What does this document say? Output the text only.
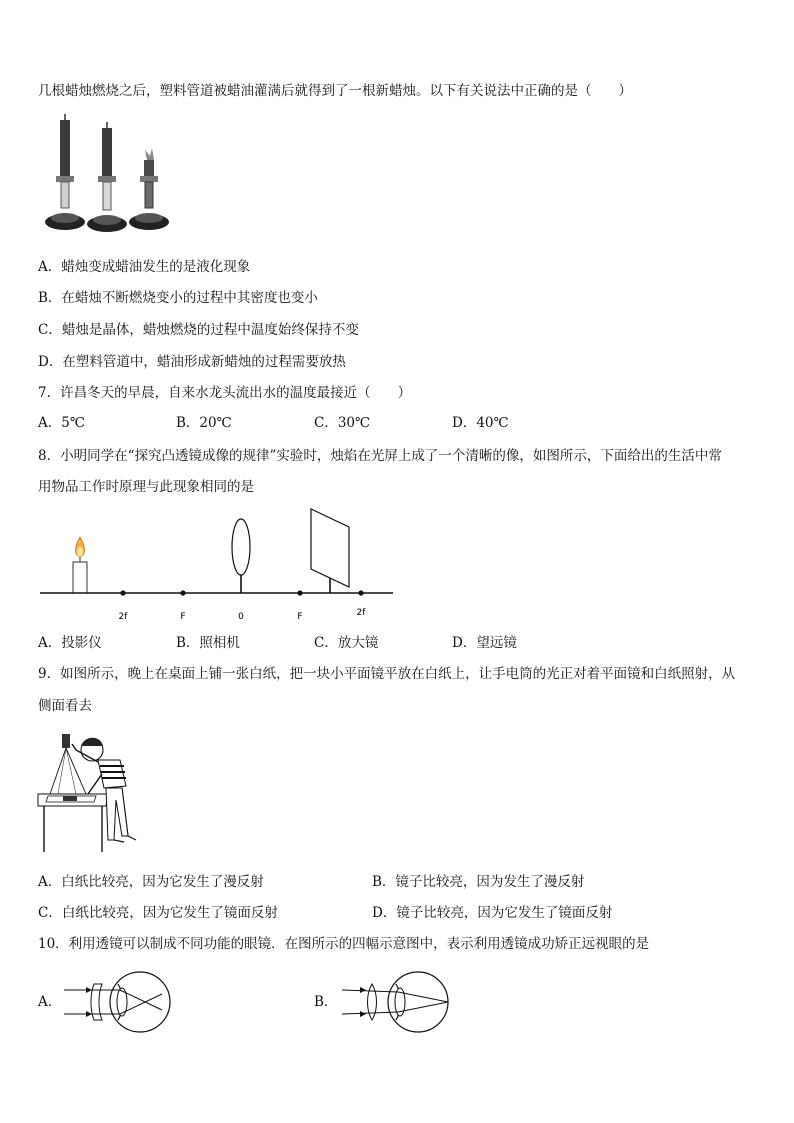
几根蜡烛燃烧之后，塑料管道被蜡油灌满后就得到了一根新蜡烛。以下有关说法中正确的是（　　）
A．蜡烛变成蜡油发生的是液化现象
B．在蜡烛不断燃烧变小的过程中其密度也变小
C．蜡烛是晶体，蜡烛燃烧的过程中温度始终保持不变
D．在塑料管道中，蜡油形成新蜡烛的过程需要放热
7．许昌冬天的早晨，自来水龙头流出水的温度最接近（　　）
A．5℃	B．20℃	C．30℃	D．40℃
8．小明同学在“探究凸透镜成像的规律”实验时，烛焰在光屏上成了一个清晰的像，如图所示，下面给出的生活中常
用物品工作时原理与此现象相同的是
2f	F	0	F	2f
A．投影仪	B．照相机	C．放大镜	D．望远镜
9．如图所示，晚上在桌面上铺一张白纸，把一块小平面镜平放在白纸上，让手电筒的光正对着平面镜和白纸照射，从
侧面看去
A．白纸比较亮，因为它发生了漫反射	B．镜子比较亮，因为发生了漫反射
C．白纸比较亮，因为它发生了镜面反射	D．镜子比较亮，因为它发生了镜面反射
10．利用透镜可以制成不同功能的眼镜．在图所示的四幅示意图中，表示利用透镜成功矫正远视眼的是
A．	B．
